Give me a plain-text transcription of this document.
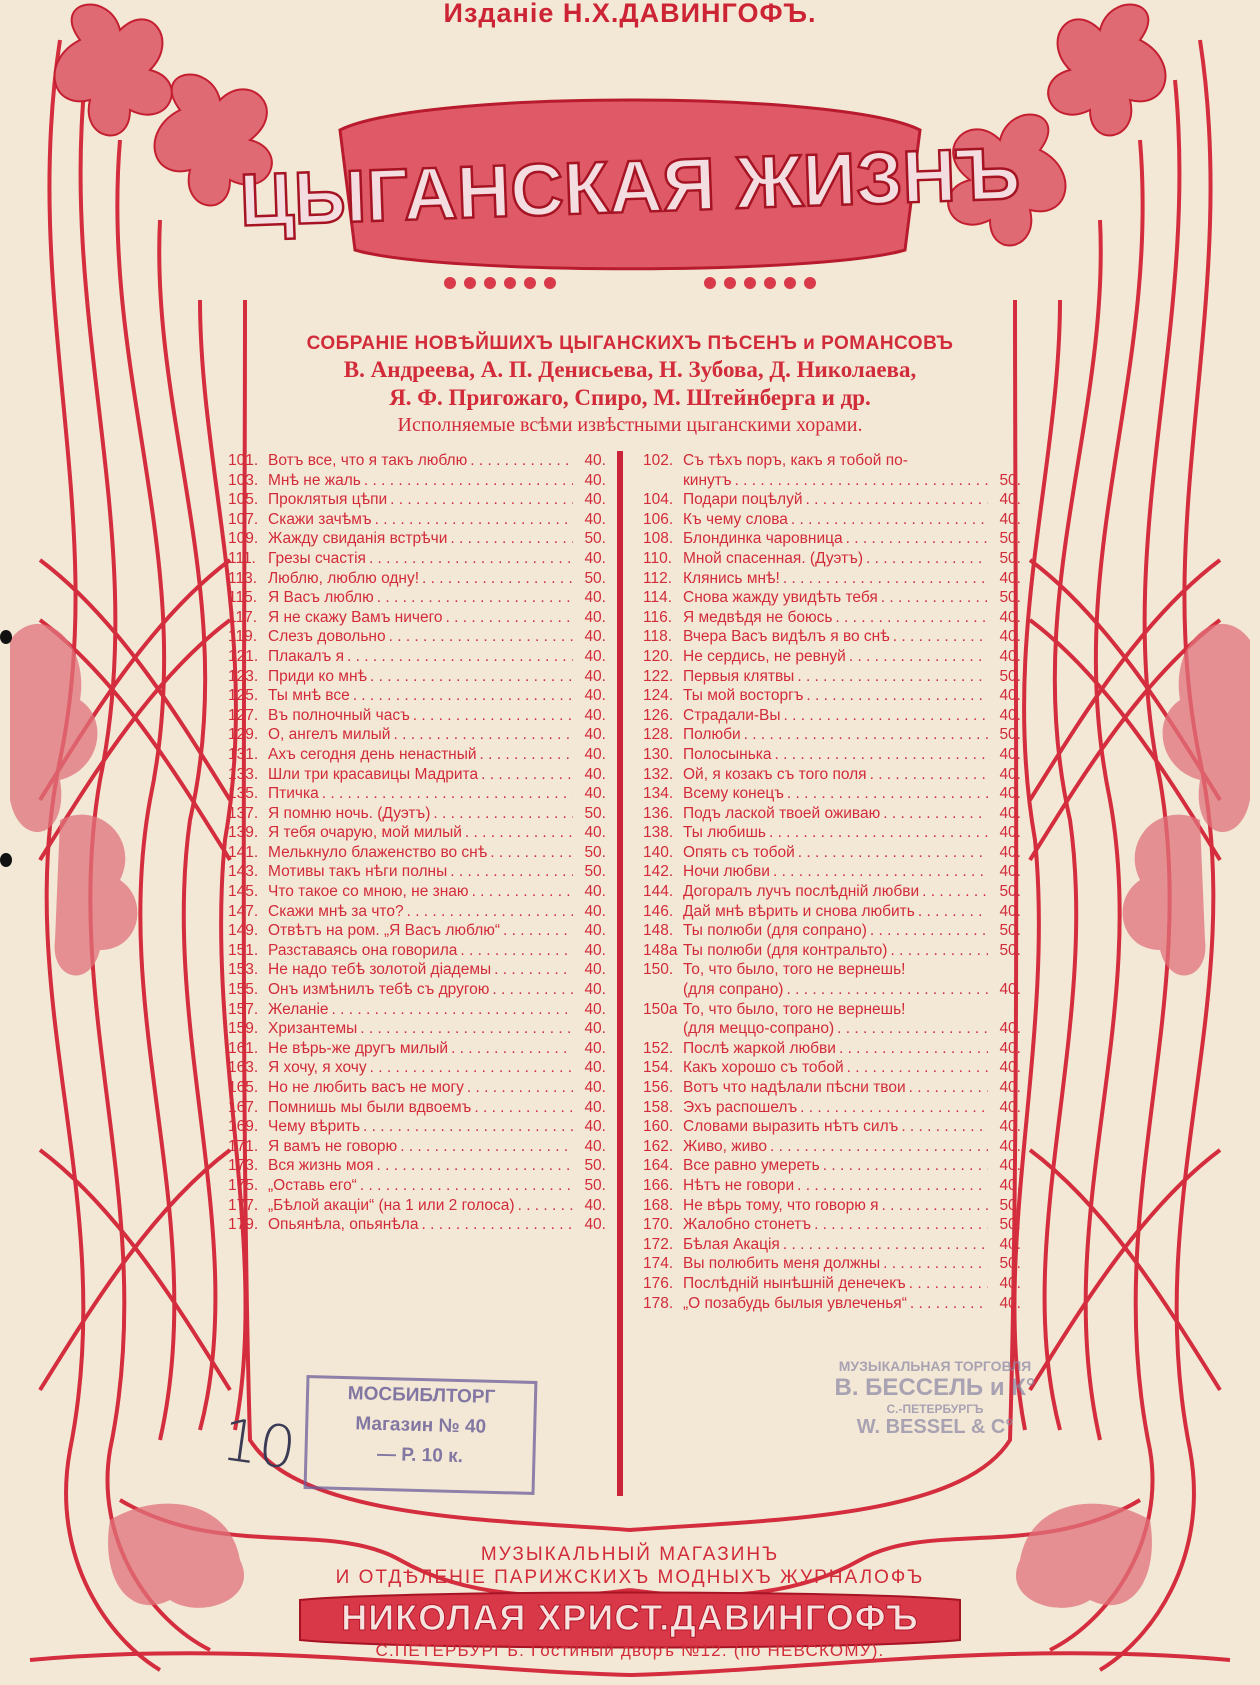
ЦЫГАНСКАЯ ЖИЗНЪ
Изданіе Н.Х.ДАВИНГОФЪ.
СОБРАНІЕ НОВѢЙШИХЪ ЦЫГАНСКИХЪ ПѢСЕНЪ и РОМАНСОВЪ
В. Андреева, А. П. Денисьева, Н. Зубова, Д. Николаева,
Я. Ф. Пригожаго, Спиро, М. Штейнберга и др.
Исполняемые всѣми извѣстными цыганскими хорами.
101. Вотъ все, что я такъ люблю . . .	40.
103. Мнѣ не жаль . . .	40.
105. Проклятыя цѣпи . . .	40.
107. Скажи зачѣмъ . . .	40.
109. Жажду свиданія встрѣчи . . .	50.
111. Грезы счастія . . .	40.
113. Люблю, люблю одну! . . .	50.
115. Я Васъ люблю . . .	40.
117. Я не скажу Вамъ ничего . . .	40.
119. Слезъ довольно . . .	40.
121. Плакалъ я . . .	40.
123. Приди ко мнѣ . . .	40.
125. Ты мнѣ все . . .	40.
127. Въ полночный часъ . . .	40.
129. О, ангелъ милый . . .	40.
131. Ахъ сегодня день ненастный . . .	40.
133. Шли три красавицы Мадрита . . .	40.
135. Птичка . . .	40.
137. Я помню ночь. (Дуэтъ) . . .	50.
139. Я тебя очарую, мой милый . . .	40.
141. Мелькнуло блаженство во снѣ . . .	50.
143. Мотивы такъ нѣги полны . . .	50.
145. Что такое со мною, не знаю . . .	40.
147. Скажи мнѣ за что? . . .	40.
149. Отвѣтъ на ром. „Я Васъ люблю“ . . .	40.
151. Разставаясь она говорила . . .	40.
153. Не надо тебѣ золотой діадемы . . .	40.
155. Онъ измѣнилъ тебѣ съ другою . . .	40.
157. Желаніе . . .	40.
159. Хризантемы . . .	40.
161. Не вѣрь-же другъ милый . . .	40.
163. Я хочу, я хочу . . .	40.
165. Но не любить васъ не могу . . .	40.
167. Помнишь мы были вдвоемъ . . .	40.
169. Чему вѣрить . . .	40.
171. Я вамъ не говорю . . .	40.
173. Вся жизнь моя . . .	50.
175. „Оставь его“ . . .	50.
177. „Бѣлой акаціи“ (на 1 или 2 голоса) . . .	40.
179. Опьянѣла, опьянѣла . . .	40.
102. Съ тѣхъ поръ, какъ я тобой по-
кинутъ . . .	50.
104. Подари поцѣлуй . . .	40.
106. Къ чему слова . . .	40.
108. Блондинка чаровница . . .	50.
110. Мной спасенная. (Дуэтъ) . . .	50.
112. Клянись мнѣ! . . .	40.
114. Снова жажду увидѣть тебя . . .	50.
116. Я медвѣдя не боюсь . . .	40.
118. Вчера Васъ видѣлъ я во снѣ . . .	40.
120. Не сердись, не ревнуй . . .	40.
122. Первыя клятвы . . .	50.
124. Ты мой восторгъ . . .	40.
126. Страдали-Вы . . .	40.
128. Полюби . . .	50.
130. Полосынька . . .	40.
132. Ой, я козакъ съ того поля . . .	40.
134. Всему конецъ . . .	40.
136. Подъ лаской твоей оживаю . . .	40.
138. Ты любишь . . .	40.
140. Опять съ тобой . . .	40.
142. Ночи любви . . .	40.
144. Догоралъ лучъ послѣдній любви . . .	50.
146. Дай мнѣ вѣрить и снова любить . . .	40.
148. Ты полюби (для сопрано) . . .	50.
148а Ты полюби (для контральто) . . .	50.
150. То, что было, того не вернешь!
(для сопрано) . . .	40.
150а То, что было, того не вернешь!
(для меццо-сопрано) . . .	40.
152. Послѣ жаркой любви . . .	40.
154. Какъ хорошо съ тобой . . .	40.
156. Вотъ что надѣлали пѣсни твои . . .	40.
158. Эхъ распошелъ . . .	40.
160. Словами выразить нѣтъ силъ . . .	40.
162. Живо, живо . . .	40.
164. Все равно умереть . . .	40.
166. Нѣтъ не говори . . .	40.
168. Не вѣрь тому, что говорю я . . .	50.
170. Жалобно стонетъ . . .	50.
172. Бѣлая Акація . . .	40.
174. Вы полюбить меня должны . . .	50.
176. Послѣдній нынѣшній денечекъ . . .	40.
178. „О позабудь былыя увлеченья“ . . .	40.
МОСБИБЛТОРГ
Магазин № 40
— Р. 10 к.
МУЗЫКАЛЬНАЯ ТОРГОВЛЯ
В. БЕССЕЛЬ и К°
С.-ПЕТЕРБУРГЪ
W. BESSEL & C°
10
МУЗЫКАЛЬНЫЙ МАГАЗИНЪ
И ОТДѢЛЕНІЕ ПАРИЖСКИХЪ МОДНЫХЪ ЖУРНАЛОФЪ
НИКОЛАЯ ХРИСТ.ДАВИНГОФЪ
С.ПЕТЕРБУРГЪ. Гостиный дворъ №12. (по НЕВСКОМУ).
